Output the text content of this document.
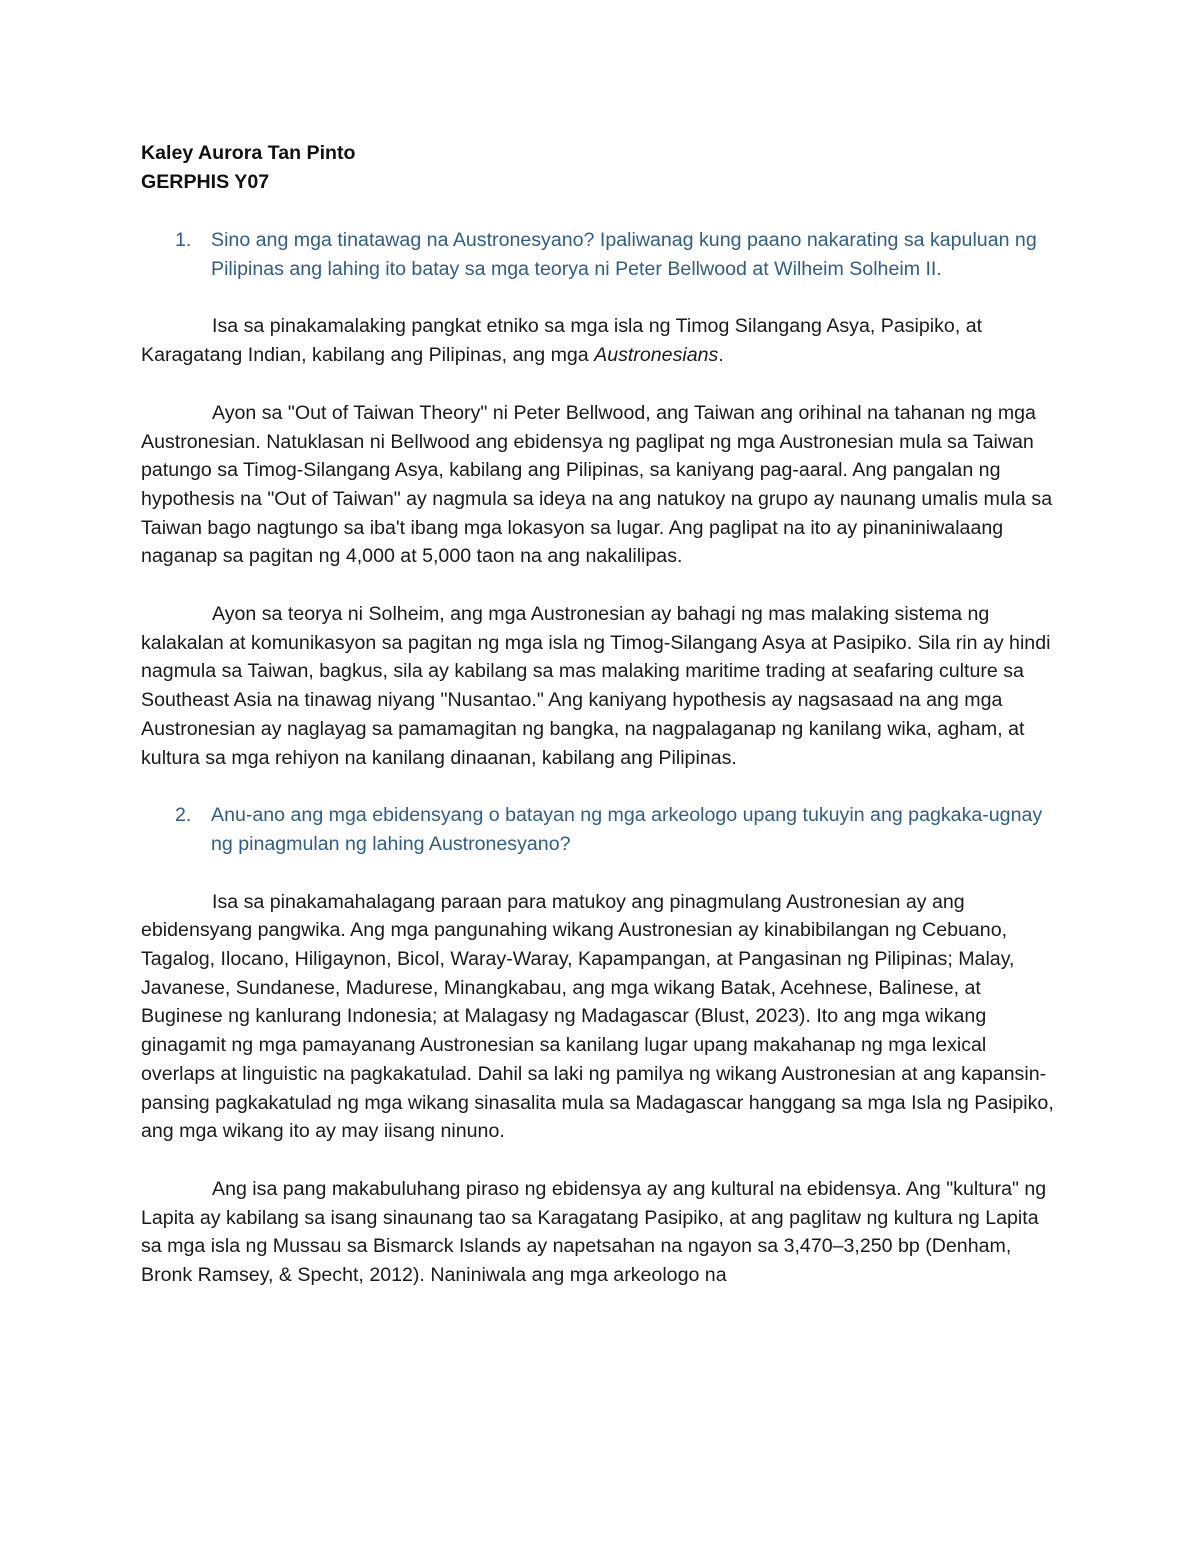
Kaley Aurora Tan Pinto

GERPHIS Y07

1. Sino ang mga tinatawag na Austronesyano? Ipaliwanag kung paano nakarating sa kapuluan ng Pilipinas ang lahing ito batay sa mga teorya ni Peter Bellwood at Wilheim Solheim II.

Isa sa pinakamalaking pangkat etniko sa mga isla ng Timog Silangang Asya, Pasipiko, at Karagatang Indian, kabilang ang Pilipinas, ang mga Austronesians.

Ayon sa "Out of Taiwan Theory" ni Peter Bellwood, ang Taiwan ang orihinal na tahanan ng mga Austronesian. Natuklasan ni Bellwood ang ebidensya ng paglipat ng mga Austronesian mula sa Taiwan patungo sa Timog-Silangang Asya, kabilang ang Pilipinas, sa kaniyang pag-aaral. Ang pangalan ng hypothesis na "Out of Taiwan" ay nagmula sa ideya na ang natukoy na grupo ay naunang umalis mula sa Taiwan bago nagtungo sa iba't ibang mga lokasyon sa lugar. Ang paglipat na ito ay pinaniniwalaang naganap sa pagitan ng 4,000 at 5,000 taon na ang nakalilipas.

Ayon sa teorya ni Solheim, ang mga Austronesian ay bahagi ng mas malaking sistema ng kalakalan at komunikasyon sa pagitan ng mga isla ng Timog-Silangang Asya at Pasipiko. Sila rin ay hindi nagmula sa Taiwan, bagkus, sila ay kabilang sa mas malaking maritime trading at seafaring culture sa Southeast Asia na tinawag niyang "Nusantao." Ang kaniyang hypothesis ay nagsasaad na ang mga Austronesian ay naglayag sa pamamagitan ng bangka, na nagpalaganap ng kanilang wika, agham, at kultura sa mga rehiyon na kanilang dinaanan, kabilang ang Pilipinas.

2. Anu-ano ang mga ebidensyang o batayan ng mga arkeologo upang tukuyin ang pagkaka-ugnay ng pinagmulan ng lahing Austronesyano?

Isa sa pinakamahalagang paraan para matukoy ang pinagmulang Austronesian ay ang ebidensyang pangwika. Ang mga pangunahing wikang Austronesian ay kinabibilangan ng Cebuano, Tagalog, Ilocano, Hiligaynon, Bicol, Waray-Waray, Kapampangan, at Pangasinan ng Pilipinas; Malay, Javanese, Sundanese, Madurese, Minangkabau, ang mga wikang Batak, Acehnese, Balinese, at Buginese ng kanlurang Indonesia; at Malagasy ng Madagascar (Blust, 2023). Ito ang mga wikang ginagamit ng mga pamayanang Austronesian sa kanilang lugar upang makahanap ng mga lexical overlaps at linguistic na pagkakatulad. Dahil sa laki ng pamilya ng wikang Austronesian at ang kapansin-pansing pagkakatulad ng mga wikang sinasalita mula sa Madagascar hanggang sa mga Isla ng Pasipiko, ang mga wikang ito ay may iisang ninuno.

Ang isa pang makabuluhang piraso ng ebidensya ay ang kultural na ebidensya. Ang "kultura" ng Lapita ay kabilang sa isang sinaunang tao sa Karagatang Pasipiko, at ang paglitaw ng kultura ng Lapita sa mga isla ng Mussau sa Bismarck Islands ay napetsahan na ngayon sa 3,470–3,250 bp (Denham, Bronk Ramsey, & Specht, 2012). Naniniwala ang mga arkeologo na
